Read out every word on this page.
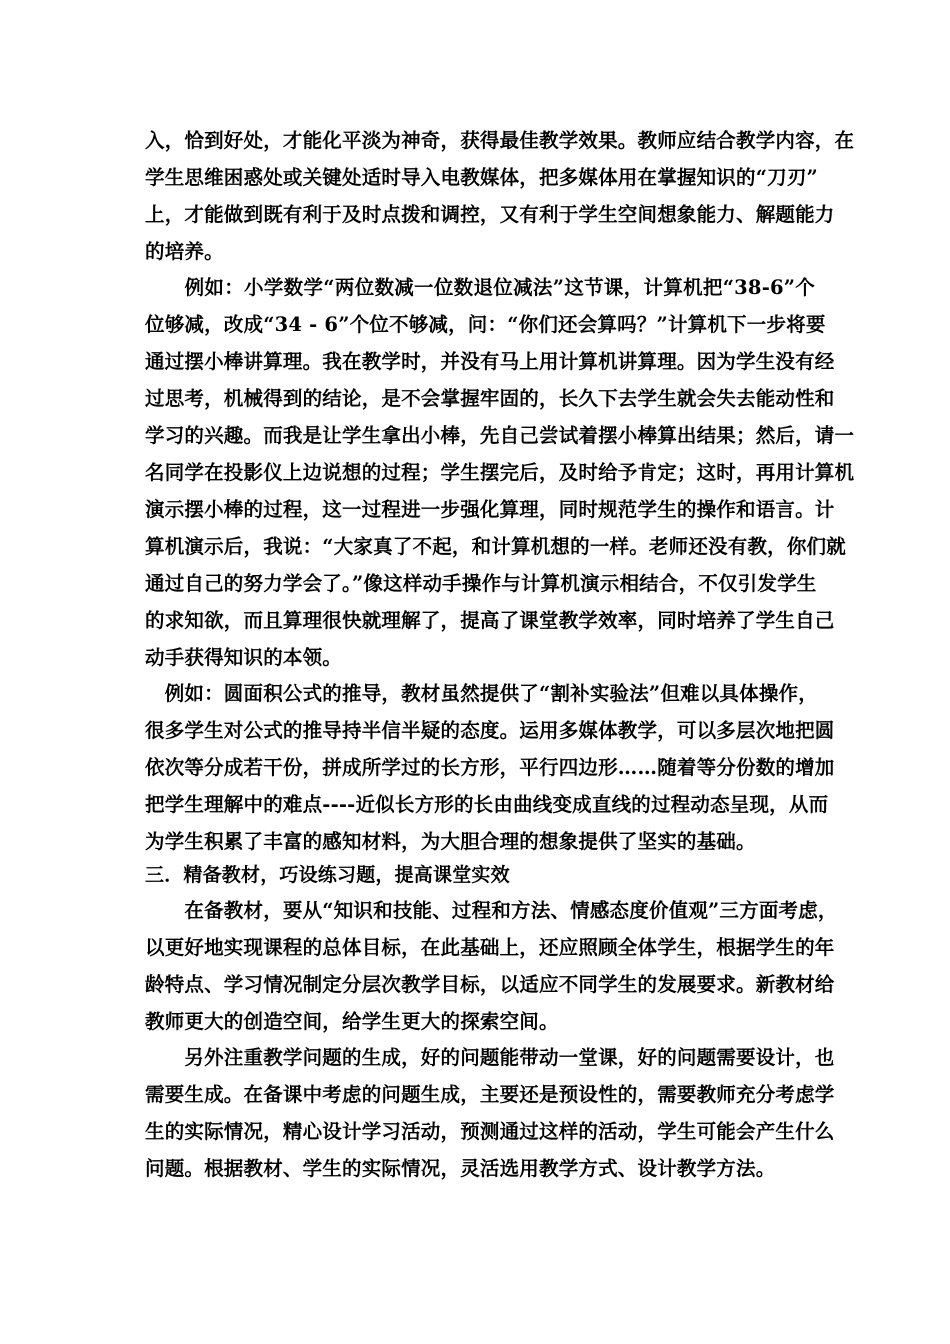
入，恰到好处，才能化平淡为神奇，获得最佳教学效果。教师应结合教学内容，在
学生思维困惑处或关键处适时导入电教媒体，把多媒体用在掌握知识的“刀刃”
上，才能做到既有利于及时点拨和调控，又有利于学生空间想象能力、解题能力
的培养。
　　例如：小学数学“两位数减一位数退位减法”这节课，计算机把“38-6”个
位够减，改成“34 - 6”个位不够减，问：“你们还会算吗？”计算机下一步将要
通过摆小棒讲算理。我在教学时，并没有马上用计算机讲算理。因为学生没有经
过思考，机械得到的结论，是不会掌握牢固的，长久下去学生就会失去能动性和
学习的兴趣。而我是让学生拿出小棒，先自己尝试着摆小棒算出结果；然后，请一
名同学在投影仪上边说想的过程；学生摆完后，及时给予肯定；这时，再用计算机
演示摆小棒的过程，这一过程进一步强化算理，同时规范学生的操作和语言。计
算机演示后，我说：“大家真了不起，和计算机想的一样。老师还没有教，你们就
通过自己的努力学会了。”像这样动手操作与计算机演示相结合，不仅引发学生
的求知欲，而且算理很快就理解了，提高了课堂教学效率，同时培养了学生自己
动手获得知识的本领。
　例如：圆面积公式的推导，教材虽然提供了“割补实验法”但难以具体操作，
很多学生对公式的推导持半信半疑的态度。运用多媒体教学，可以多层次地把圆
依次等分成若干份，拼成所学过的长方形，平行四边形……随着等分份数的增加
把学生理解中的难点----近似长方形的长由曲线变成直线的过程动态呈现，从而
为学生积累了丰富的感知材料，为大胆合理的想象提供了坚实的基础。
三．精备教材，巧设练习题，提高课堂实效
　　在备教材，要从“知识和技能、过程和方法、情感态度价值观”三方面考虑，
以更好地实现课程的总体目标，在此基础上，还应照顾全体学生，根据学生的年
龄特点、学习情况制定分层次教学目标，以适应不同学生的发展要求。新教材给
教师更大的创造空间，给学生更大的探索空间。
　　另外注重教学问题的生成，好的问题能带动一堂课，好的问题需要设计，也
需要生成。在备课中考虑的问题生成，主要还是预设性的，需要教师充分考虑学
生的实际情况，精心设计学习活动，预测通过这样的活动，学生可能会产生什么
问题。根据教材、学生的实际情况，灵活选用教学方式、设计教学方法。
